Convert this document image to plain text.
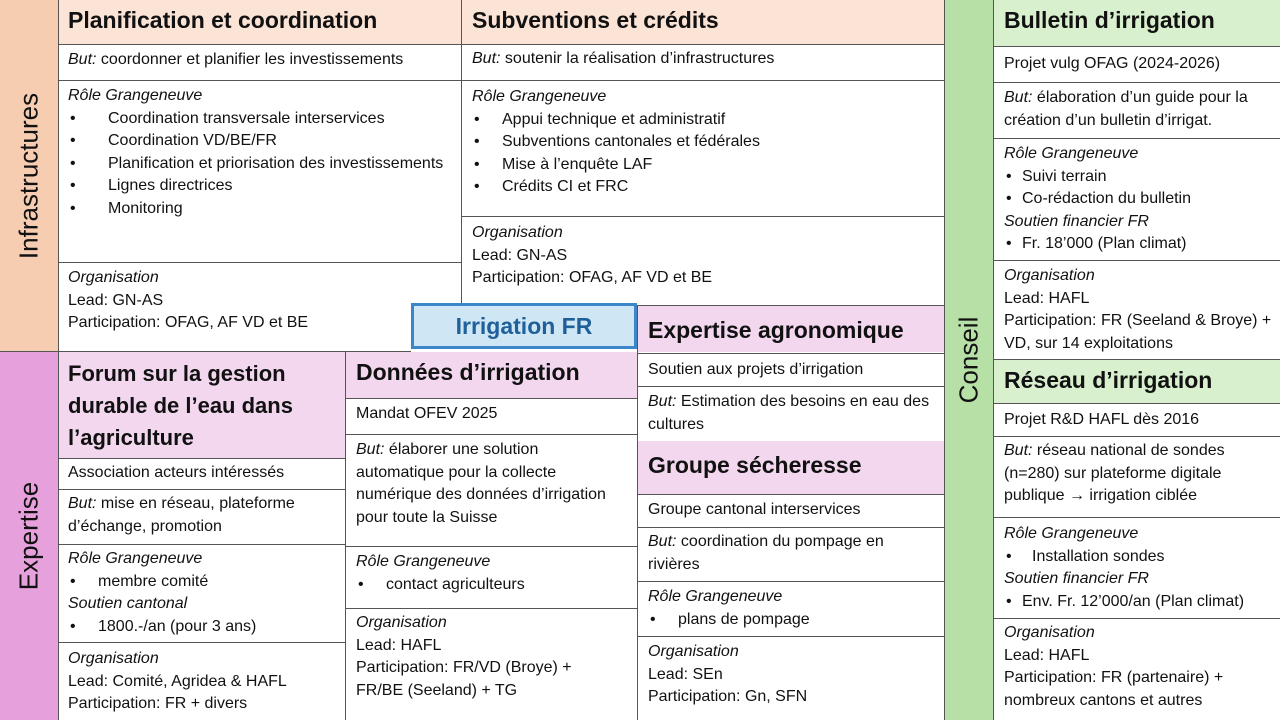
Infrastructures
Expertise
Conseil
Planification et coordination
But: coordonner et planifier les investissements
Rôle Grangeneuve
• Coordination transversale interservices
• Coordination VD/BE/FR
• Planification et priorisation des investissements
• Lignes directrices
• Monitoring
Organisation
Lead: GN-AS
Participation: OFAG, AF VD et BE
Subventions et crédits
But: soutenir la réalisation d’infrastructures
Rôle Grangeneuve
• Appui technique et administratif
• Subventions cantonales et fédérales
• Mise à l’enquête LAF
• Crédits CI et FRC
Organisation
Lead: GN-AS
Participation: OFAG, AF VD et BE
Bulletin d’irrigation
Projet vulg OFAG (2024-2026)
But: élaboration d’un guide pour la création d’un bulletin d’irrigat.
Rôle Grangeneuve
• Suivi terrain
• Co-rédaction du bulletin
Soutien financier FR
• Fr. 18’000 (Plan climat)
Organisation
Lead: HAFL
Participation: FR (Seeland & Broye) + VD, sur 14 exploitations
Réseau d’irrigation
Projet R&D HAFL dès 2016
But: réseau national de sondes (n=280) sur plateforme digitale publique → irrigation ciblée
Rôle Grangeneuve
• Installation sondes
Soutien financier FR
• Env. Fr. 12’000/an (Plan climat)
Organisation
Lead: HAFL
Participation: FR (partenaire) + nombreux cantons et autres
Forum sur la gestion durable de l’eau dans l’agriculture
Association acteurs intéressés
But: mise en réseau, plateforme d’échange, promotion
Rôle Grangeneuve
• membre comité
Soutien cantonal
• 1800.-/an (pour 3 ans)
Organisation
Lead: Comité, Agridea & HAFL
Participation: FR + divers
Données d’irrigation
Mandat OFEV 2025
But: élaborer une solution automatique pour la collecte numérique des données d’irrigation pour toute la Suisse
Rôle Grangeneuve
• contact agriculteurs
Organisation
Lead: HAFL
Participation: FR/VD (Broye) + FR/BE (Seeland) + TG
Expertise agronomique
Soutien aux projets d’irrigation
But: Estimation des besoins en eau des cultures
Groupe sécheresse
Groupe cantonal interservices
But: coordination du pompage en rivières
Rôle Grangeneuve
• plans de pompage
Organisation
Lead: SEn
Participation: Gn, SFN
Irrigation FR
